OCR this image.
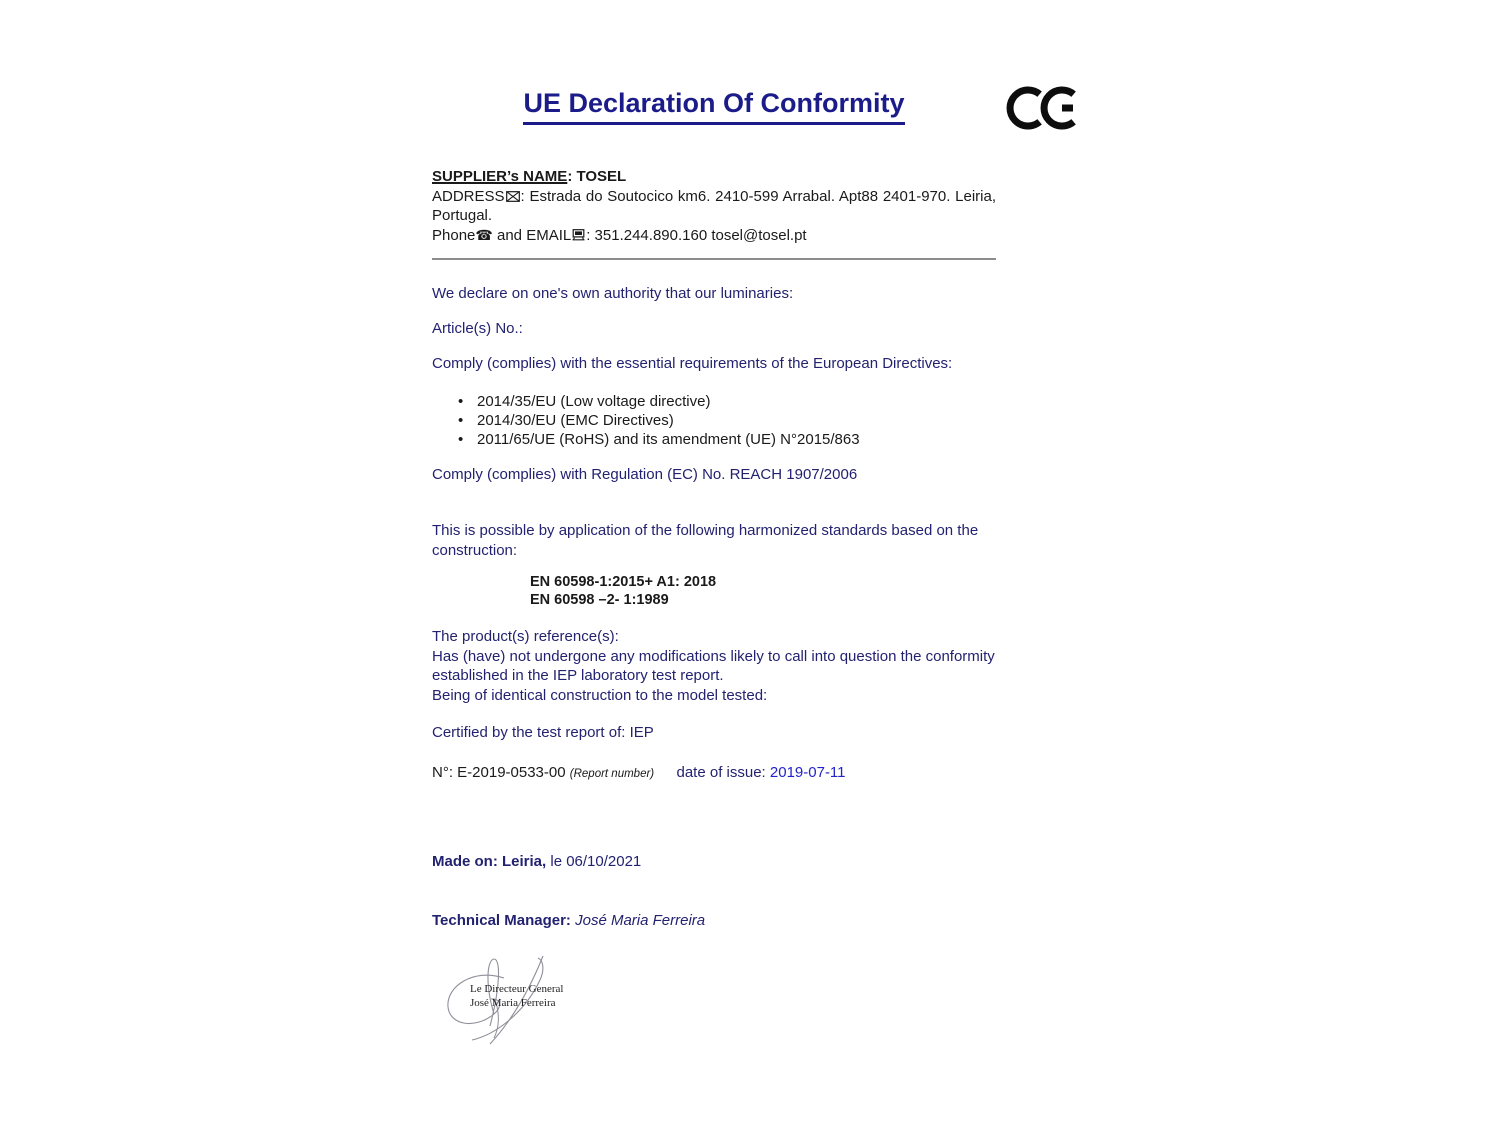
UE Declaration Of Conformity

SUPPLIER’s NAME: TOSEL

ADDRESS : Estrada do Soutocico km6. 2410-599 Arrabal. Apt88 2401-970. Leiria, Portugal.

Phone☎ and EMAIL : 351.244.890.160 tosel@tosel.pt

We declare on one's own authority that our luminaries:

Article(s) No.:

Comply (complies) with the essential requirements of the European Directives:

•
2014/35/EU (Low voltage directive)
•
2014/30/EU (EMC Directives)
•
2011/65/UE (RoHS) and its amendment (UE) N°2015/863

Comply (complies) with Regulation (EC) No. REACH 1907/2006

This is possible by application of the following harmonized standards based on the construction:

EN 60598-1:2015+ A1: 2018

EN 60598 –2- 1:1989

The product(s) reference(s):

Has (have) not undergone any modifications likely to call into question the conformity established in the IEP laboratory test report.

Being of identical construction to the model tested:

Certified by the test report of: IEP

N°: E-2019-0533-00 (Report number) date of issue: 2019-07-11

Made on: Leiria, le 06/10/2021

Technical Manager: José Maria Ferreira

Le Directeur General
José Maria Ferreira
